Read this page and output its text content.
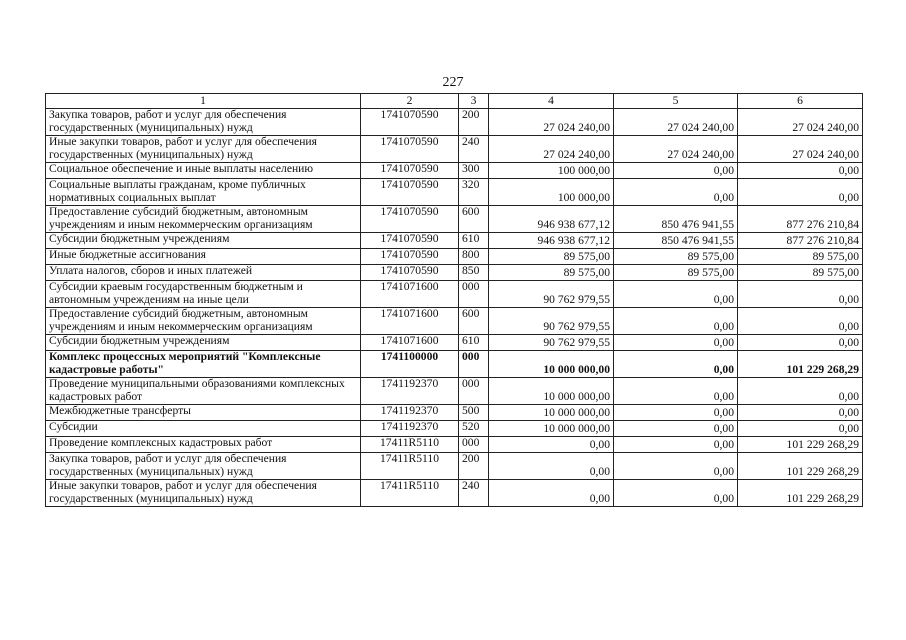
227
1	2	3	4	5	6
Закупка товаров, работ и услуг для обеспечения государственных (муниципальных) нужд	1741070590	200	27 024 240,00	27 024 240,00	27 024 240,00
Иные закупки товаров, работ и услуг для обеспечения государственных (муниципальных) нужд	1741070590	240	27 024 240,00	27 024 240,00	27 024 240,00
Социальное обеспечение и иные выплаты населению	1741070590	300	100 000,00	0,00	0,00
Социальные выплаты гражданам, кроме публичных нормативных социальных выплат	1741070590	320	100 000,00	0,00	0,00
Предоставление субсидий бюджетным, автономным учреждениям и иным некоммерческим организациям	1741070590	600	946 938 677,12	850 476 941,55	877 276 210,84
Субсидии бюджетным учреждениям	1741070590	610	946 938 677,12	850 476 941,55	877 276 210,84
Иные бюджетные ассигнования	1741070590	800	89 575,00	89 575,00	89 575,00
Уплата налогов, сборов и иных платежей	1741070590	850	89 575,00	89 575,00	89 575,00
Субсидии краевым государственным бюджетным и автономным учреждениям на иные цели	1741071600	000	90 762 979,55	0,00	0,00
Предоставление субсидий бюджетным, автономным учреждениям и иным некоммерческим организациям	1741071600	600	90 762 979,55	0,00	0,00
Субсидии бюджетным учреждениям	1741071600	610	90 762 979,55	0,00	0,00
Комплекс процессных мероприятий "Комплексные кадастровые работы"	1741100000	000	10 000 000,00	0,00	101 229 268,29
Проведение муниципальными образованиями комплексных кадастровых работ	1741192370	000	10 000 000,00	0,00	0,00
Межбюджетные трансферты	1741192370	500	10 000 000,00	0,00	0,00
Субсидии	1741192370	520	10 000 000,00	0,00	0,00
Проведение комплексных кадастровых работ	17411R5110	000	0,00	0,00	101 229 268,29
Закупка товаров, работ и услуг для обеспечения государственных (муниципальных) нужд	17411R5110	200	0,00	0,00	101 229 268,29
Иные закупки товаров, работ и услуг для обеспечения государственных (муниципальных) нужд	17411R5110	240	0,00	0,00	101 229 268,29
